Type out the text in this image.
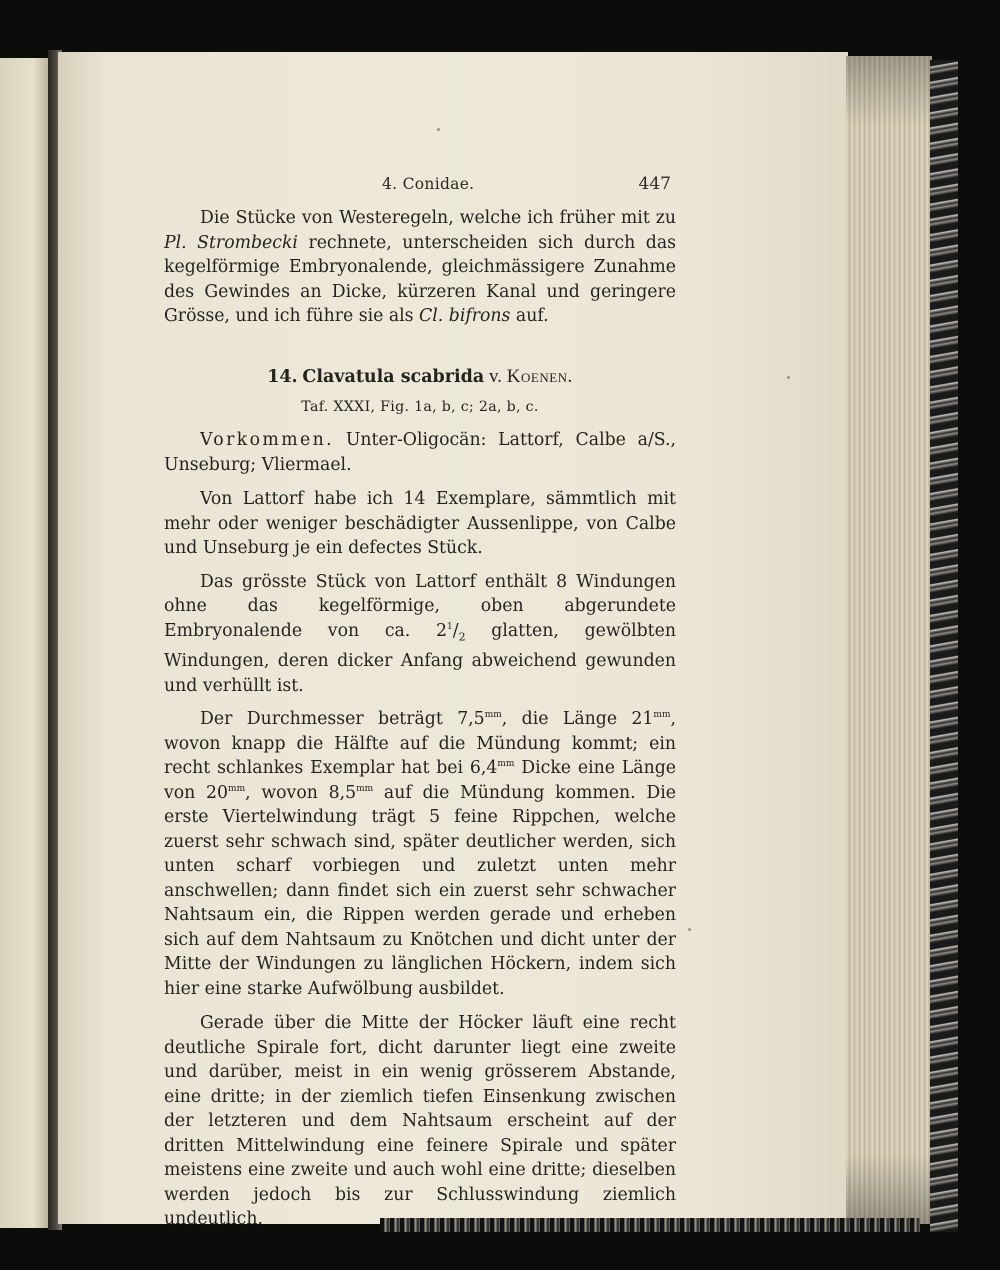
4. Conidae.	447

Die Stücke von Westeregeln, welche ich früher mit zu Pl. Strombecki rechnete, unterscheiden sich durch das kegelförmige Embryonalende, gleichmässigere Zunahme des Gewindes an Dicke, kürzeren Kanal und geringere Grösse, und ich führe sie als Cl. bifrons auf.

14. Clavatula scabrida v. Koenen.
Taf. XXXI, Fig. 1a, b, c; 2a, b, c.

Vorkommen. Unter-Oligocän: Lattorf, Calbe a/S., Unseburg; Vliermael.

Von Lattorf habe ich 14 Exemplare, sämmtlich mit mehr oder weniger beschädigter Aussenlippe, von Calbe und Unseburg je ein defectes Stück.

Das grösste Stück von Lattorf enthält 8 Windungen ohne das kegelförmige, oben abgerundete Embryonalende von ca. $2^1/_2$ glatten, gewölbten Windungen, deren dicker Anfang abweichend gewunden und verhüllt ist.

Der Durchmesser beträgt $7,5^{mm}$, die Länge $21^{mm}$, wovon knapp die Hälfte auf die Mündung kommt; ein recht schlankes Exemplar hat bei $6,4^{mm}$ Dicke eine Länge von $20^{mm}$, wovon $8,5^{mm}$ auf die Mündung kommen. Die erste Viertelwindung trägt 5 feine Rippchen, welche zuerst sehr schwach sind, später deutlicher werden, sich unten scharf vorbiegen und zuletzt unten mehr anschwellen; dann findet sich ein zuerst sehr schwacher Nahtsaum ein, die Rippen werden gerade und erheben sich auf dem Nahtsaum zu Knötchen und dicht unter der Mitte der Windungen zu länglichen Höckern, indem sich hier eine starke Aufwölbung ausbildet.

Gerade über die Mitte der Höcker läuft eine recht deutliche Spirale fort, dicht darunter liegt eine zweite und darüber, meist in ein wenig grösserem Abstande, eine dritte; in der ziemlich tiefen Einsenkung zwischen der letzteren und dem Nahtsaum erscheint auf der dritten Mittelwindung eine feinere Spirale und später meistens eine zweite und auch wohl eine dritte; dieselben werden jedoch bis zur Schlusswindung ziemlich undeutlich.
